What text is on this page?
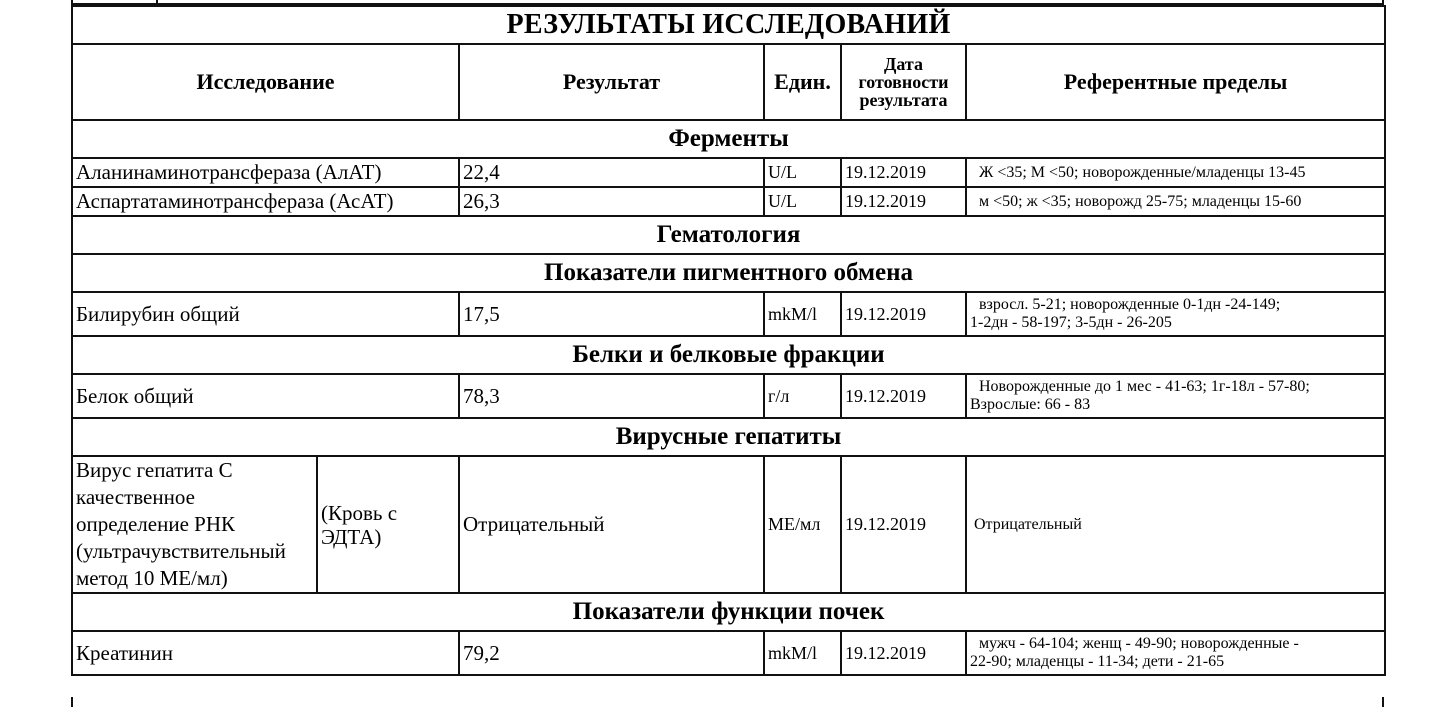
РЕЗУЛЬТАТЫ ИССЛЕДОВАНИЙ					
Исследование		Результат	Един.	Дата
готовности
результата	Референтные пределы
Ферменты					
Аланинаминотрансфераза (АлАТ)		22,4	U/L	19.12.2019	Ж <35; М <50; новорожденные/младенцы 13-45
Аспартатаминотрансфераза (АсАТ)		26,3	U/L	19.12.2019	м <50; ж <35; новорожд 25-75; младенцы 15-60
Гематология					
Показатели пигментного обмена					
Билирубин общий		17,5	mkM/l	19.12.2019	взросл. 5-21; новорожденные 0-1дн -24-149;
1-2дн - 58-197; 3-5дн - 26-205
Белки и белковые фракции					
Белок общий		78,3	г/л	19.12.2019	Новорожденные до 1 мес - 41-63; 1г-18л - 57-80;
Взрослые: 66 - 83
Вирусные гепатиты					
Вирус гепатита С
качественное
определение РНК
(ультрачувствительный
метод 10 МЕ/мл)	(Кровь с
ЭДТА)	Отрицательный	МЕ/мл	19.12.2019	Отрицательный
Показатели функции почек					
Креатинин		79,2	mkM/l	19.12.2019	мужч - 64-104; женщ - 49-90; новорожденные -
22-90; младенцы - 11-34; дети - 21-65
